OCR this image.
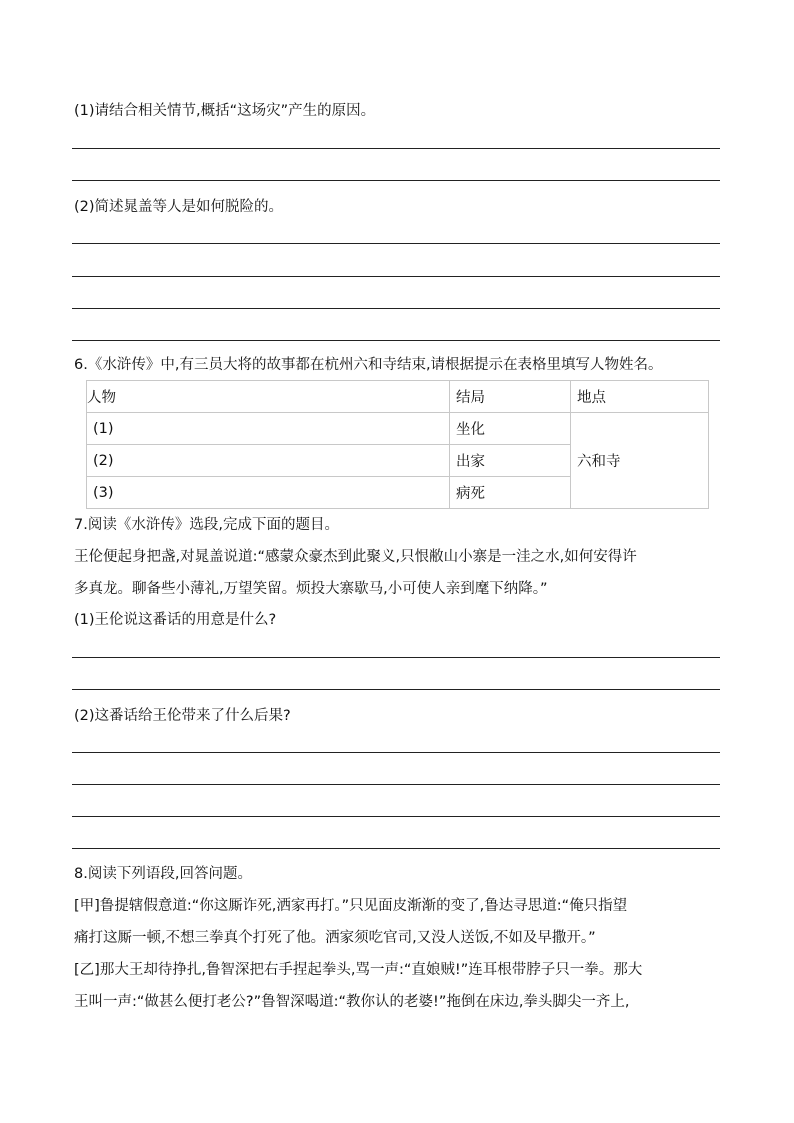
(1)请结合相关情节,概括“这场灾”产生的原因。
(2)简述晁盖等人是如何脱险的。
6.《水浒传》中,有三员大将的故事都在杭州六和寺结束,请根据提示在表格里填写人物姓名。
人物	结局	地点
(1)	坐化	六和寺
(2)	出家	
(3)	病死	
7.阅读《水浒传》选段,完成下面的题目。
王伦便起身把盏,对晁盖说道:“感蒙众豪杰到此聚义,只恨敝山小寨是一洼之水,如何安得许
多真龙。聊备些小薄礼,万望笑留。烦投大寨歇马,小可使人亲到麾下纳降。”
(1)王伦说这番话的用意是什么?
(2)这番话给王伦带来了什么后果?
8.阅读下列语段,回答问题。
[甲]鲁提辖假意道:“你这厮诈死,洒家再打。”只见面皮渐渐的变了,鲁达寻思道:“俺只指望
痛打这厮一顿,不想三拳真个打死了他。洒家须吃官司,又没人送饭,不如及早撒开。”
[乙]那大王却待挣扎,鲁智深把右手捏起拳头,骂一声:“直娘贼!”连耳根带脖子只一拳。那大
王叫一声:“做甚么便打老公?”鲁智深喝道:“教你认的老婆!”拖倒在床边,拳头脚尖一齐上,
